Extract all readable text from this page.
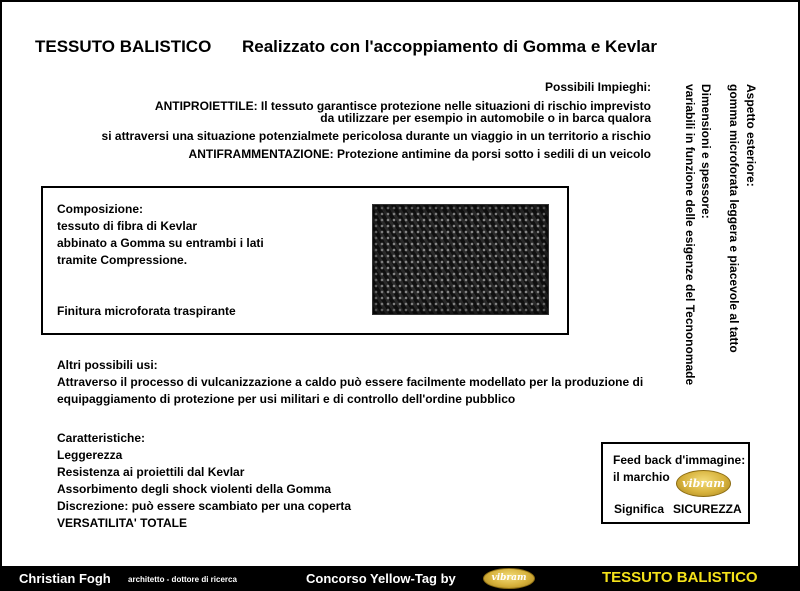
TESSUTO BALISTICO Realizzato con l'accoppiamento di Gomma e Kevlar
Possibili Impieghi:
ANTIPROIETTILE: Il tessuto garantisce protezione nelle situazioni di rischio imprevisto
da utilizzare per esempio in automobile o in barca qualora
si attraversi una situazione potenzialmete pericolosa durante un viaggio in un territorio a rischio
ANTIFRAMMENTAZIONE: Protezione antimine da porsi sotto i sedili di un veicolo	Aspetto esteriore:
gomma microforata leggera e piacevole al tatto
Dimensioni e spessore:
variabili in funzione delle esigenze del Tecnonomade
Composizione:
tessuto di fibra di Kevlar
abbinato a Gomma su entrambi i lati
tramite Compressione.
Finitura microforata traspirante
Altri possibili usi:
Attraverso il processo di vulcanizzazione a caldo può essere facilmente modellato per la produzione di
equipaggiamento di protezione per usi militari e di controllo dell'ordine pubblico
Caratteristiche:
Leggerezza
Resistenza ai proiettili dal Kevlar
Assorbimento degli shock violenti della Gomma
Discrezione: può essere scambiato per una coperta
VERSATILITA' TOTALE
Feed back d'immagine:
il marchio	vibram
Significa SICUREZZA
Christian Fogh architetto - dottore di ricerca	Concorso Yellow-Tag by	vibram	TESSUTO BALISTICO
